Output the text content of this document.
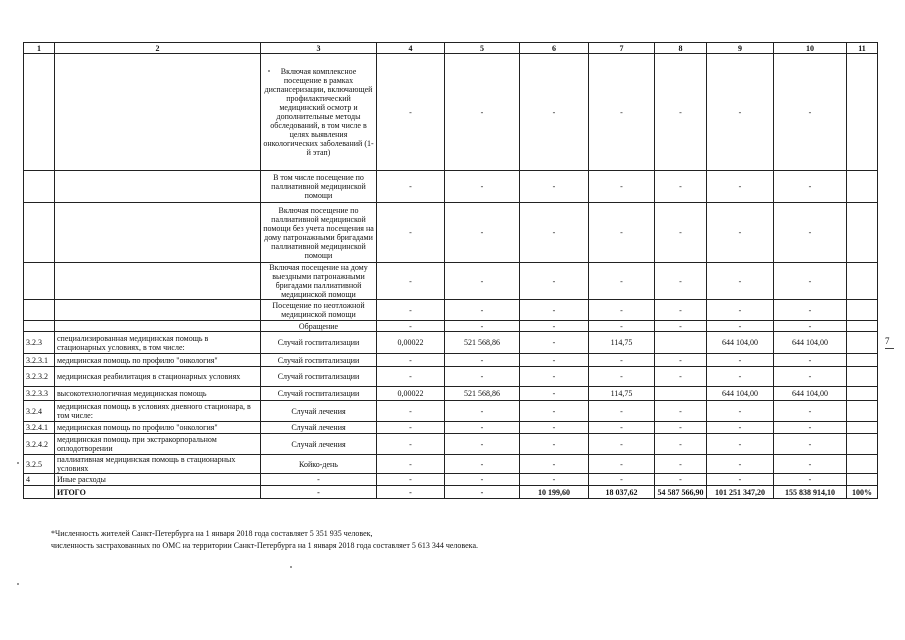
1	2	3	4	5	6	7	8	9	10	11
		Включая комплексное посещение в рамках диспансеризации, включающей профилактический медицинский осмотр и дополнительные методы обследований, в том числе в целях выявления онкологических заболеваний (1-й этап)	-	-	-	-	-	-	-	
		В том числе посещение по паллиативной медицинской помощи	-	-	-	-	-	-	-	
		Включая посещение по паллиативной медицинской помощи без учета посещения на дому патронажными бригадами паллиативной медицинской помощи	-	-	-	-	-	-	-	
		Включая посещение на дому выездными патронажными бригадами паллиативной медицинской помощи	-	-	-	-	-	-	-	
		Посещение по неотложной медицинской помощи	-	-	-	-	-	-	-	
		Обращение	-	-	-	-	-	-	-	
3.2.3	специализированная медицинская помощь в стационарных условиях, в том числе:	Случай госпитализации	0,00022	521 568,86	-	114,75		644 104,00	644 104,00	
3.2.3.1	медицинская помощь по профилю "онкология"	Случай госпитализации	-	-	-	-	-	-	-	
3.2.3.2	медицинская реабилитация в стационарных условиях	Случай госпитализации	-	-	-	-	-	-	-	
3.2.3.3	высокотехнологичная медицинская помощь	Случай госпитализации	0,00022	521 568,86	-	114,75		644 104,00	644 104,00	
3.2.4	медицинская помощь в условиях дневного стационара, в том числе:	Случай лечения	-	-	-	-	-	-	-	
3.2.4.1	медицинская помощь по профилю "онкология"	Случай лечения	-	-	-	-	-	-	-	
3.2.4.2	медицинская помощь при экстракорпоральном оплодотворении	Случай лечения	-	-	-	-	-	-	-	
3.2.5	паллиативная медицинская помощь в стационарных условиях	Койко-день	-	-	-	-	-	-	-	
4	Иные расходы	-	-	-	-	-	-	-	-	
	ИТОГО	-	-	-	10 199,60	18 037,62	54 587 566,90	101 251 347,20	155 838 914,10	100%
*Численность жителей Санкт-Петербурга на 1 января 2018 года составляет 5 351 935 человек,
численность застрахованных по ОМС на территории Санкт-Петербурга на 1 января 2018 года составляет 5 613 344 человека.
7
